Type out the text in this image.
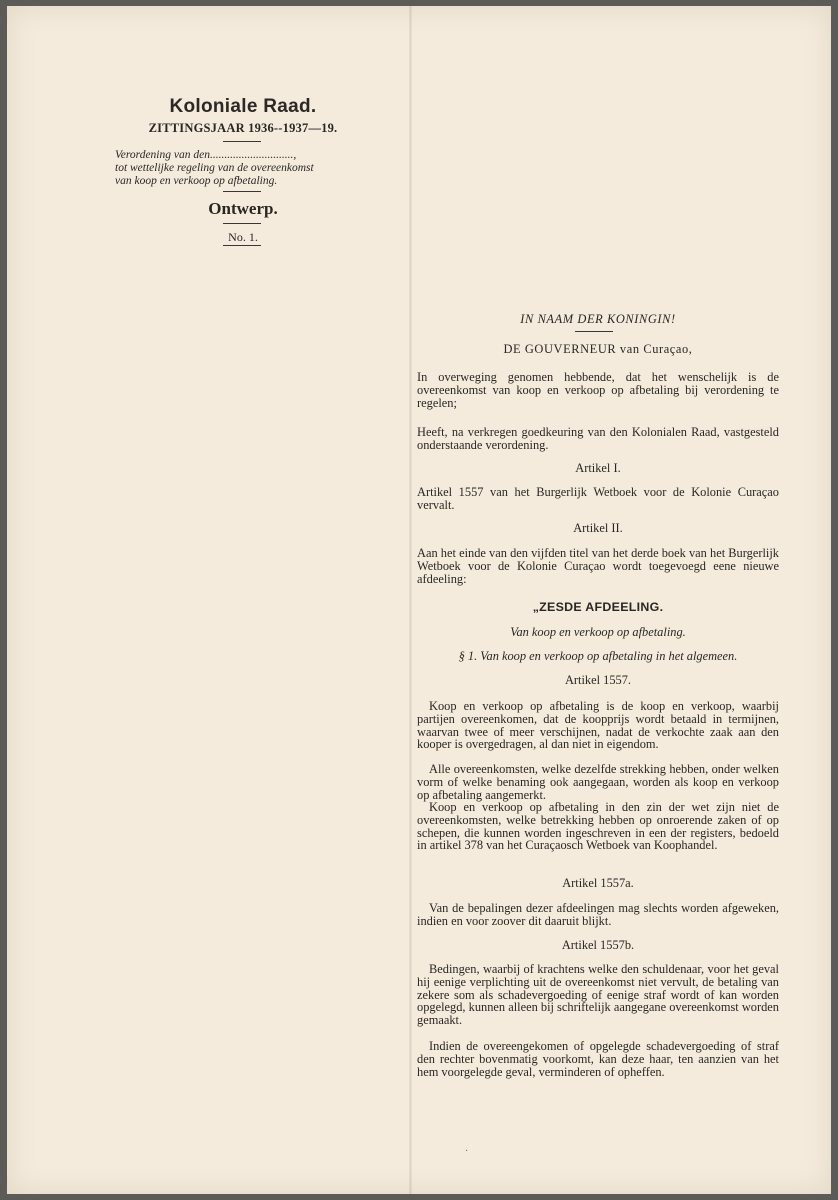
Koloniale Raad.
ZITTINGSJAAR 1936--1937—19.
Verordening van den.............................,
tot wettelijke regeling van de overeenkomst
van koop en verkoop op afbetaling.
Ontwerp.
No. 1.
IN NAAM DER KONINGIN!
DE GOUVERNEUR van Curaçao,
In overweging genomen hebbende, dat het wenschelijk is de overeenkomst van koop en verkoop op afbetaling bij verordening te regelen;
Heeft, na verkregen goedkeuring van den Kolonialen Raad, vastgesteld onderstaande verordening.
Artikel I.
Artikel 1557 van het Burgerlijk Wetboek voor de Kolonie Curaçao vervalt.
Artikel II.
Aan het einde van den vijfden titel van het derde boek van het Burgerlijk Wetboek voor de Kolonie Curaçao wordt toegevoegd eene nieuwe afdeeling:
„ZESDE AFDEELING.
Van koop en verkoop op afbetaling.
§ 1. Van koop en verkoop op afbetaling in het algemeen.
Artikel 1557.
Koop en verkoop op afbetaling is de koop en verkoop, waarbij partijen overeenkomen, dat de koopprijs wordt betaald in termijnen, waarvan twee of meer verschijnen, nadat de verkochte zaak aan den kooper is overgedragen, al dan niet in eigendom.
Alle overeenkomsten, welke dezelfde strekking hebben, onder welken vorm of welke benaming ook aangegaan, worden als koop en verkoop op afbetaling aangemerkt.
Koop en verkoop op afbetaling in den zin der wet zijn niet de overeenkomsten, welke betrekking hebben op onroerende zaken of op schepen, die kunnen worden ingeschreven in een der registers, bedoeld in artikel 378 van het Curaçaosch Wetboek van Koophandel.
Artikel 1557a.
Van de bepalingen dezer afdeelingen mag slechts worden afgeweken, indien en voor zoover dit daaruit blijkt.
Artikel 1557b.
Bedingen, waarbij of krachtens welke den schuldenaar, voor het geval hij eenige verplichting uit de overeenkomst niet vervult, de betaling van zekere som als schadevergoeding of eenige straf wordt of kan worden opgelegd, kunnen alleen bij schriftelijk aangegane overeenkomst worden gemaakt.
Indien de overeengekomen of opgelegde schadevergoeding of straf den rechter bovenmatig voorkomt, kan deze haar, ten aanzien van het hem voorgelegde geval, verminderen of opheffen.
·
